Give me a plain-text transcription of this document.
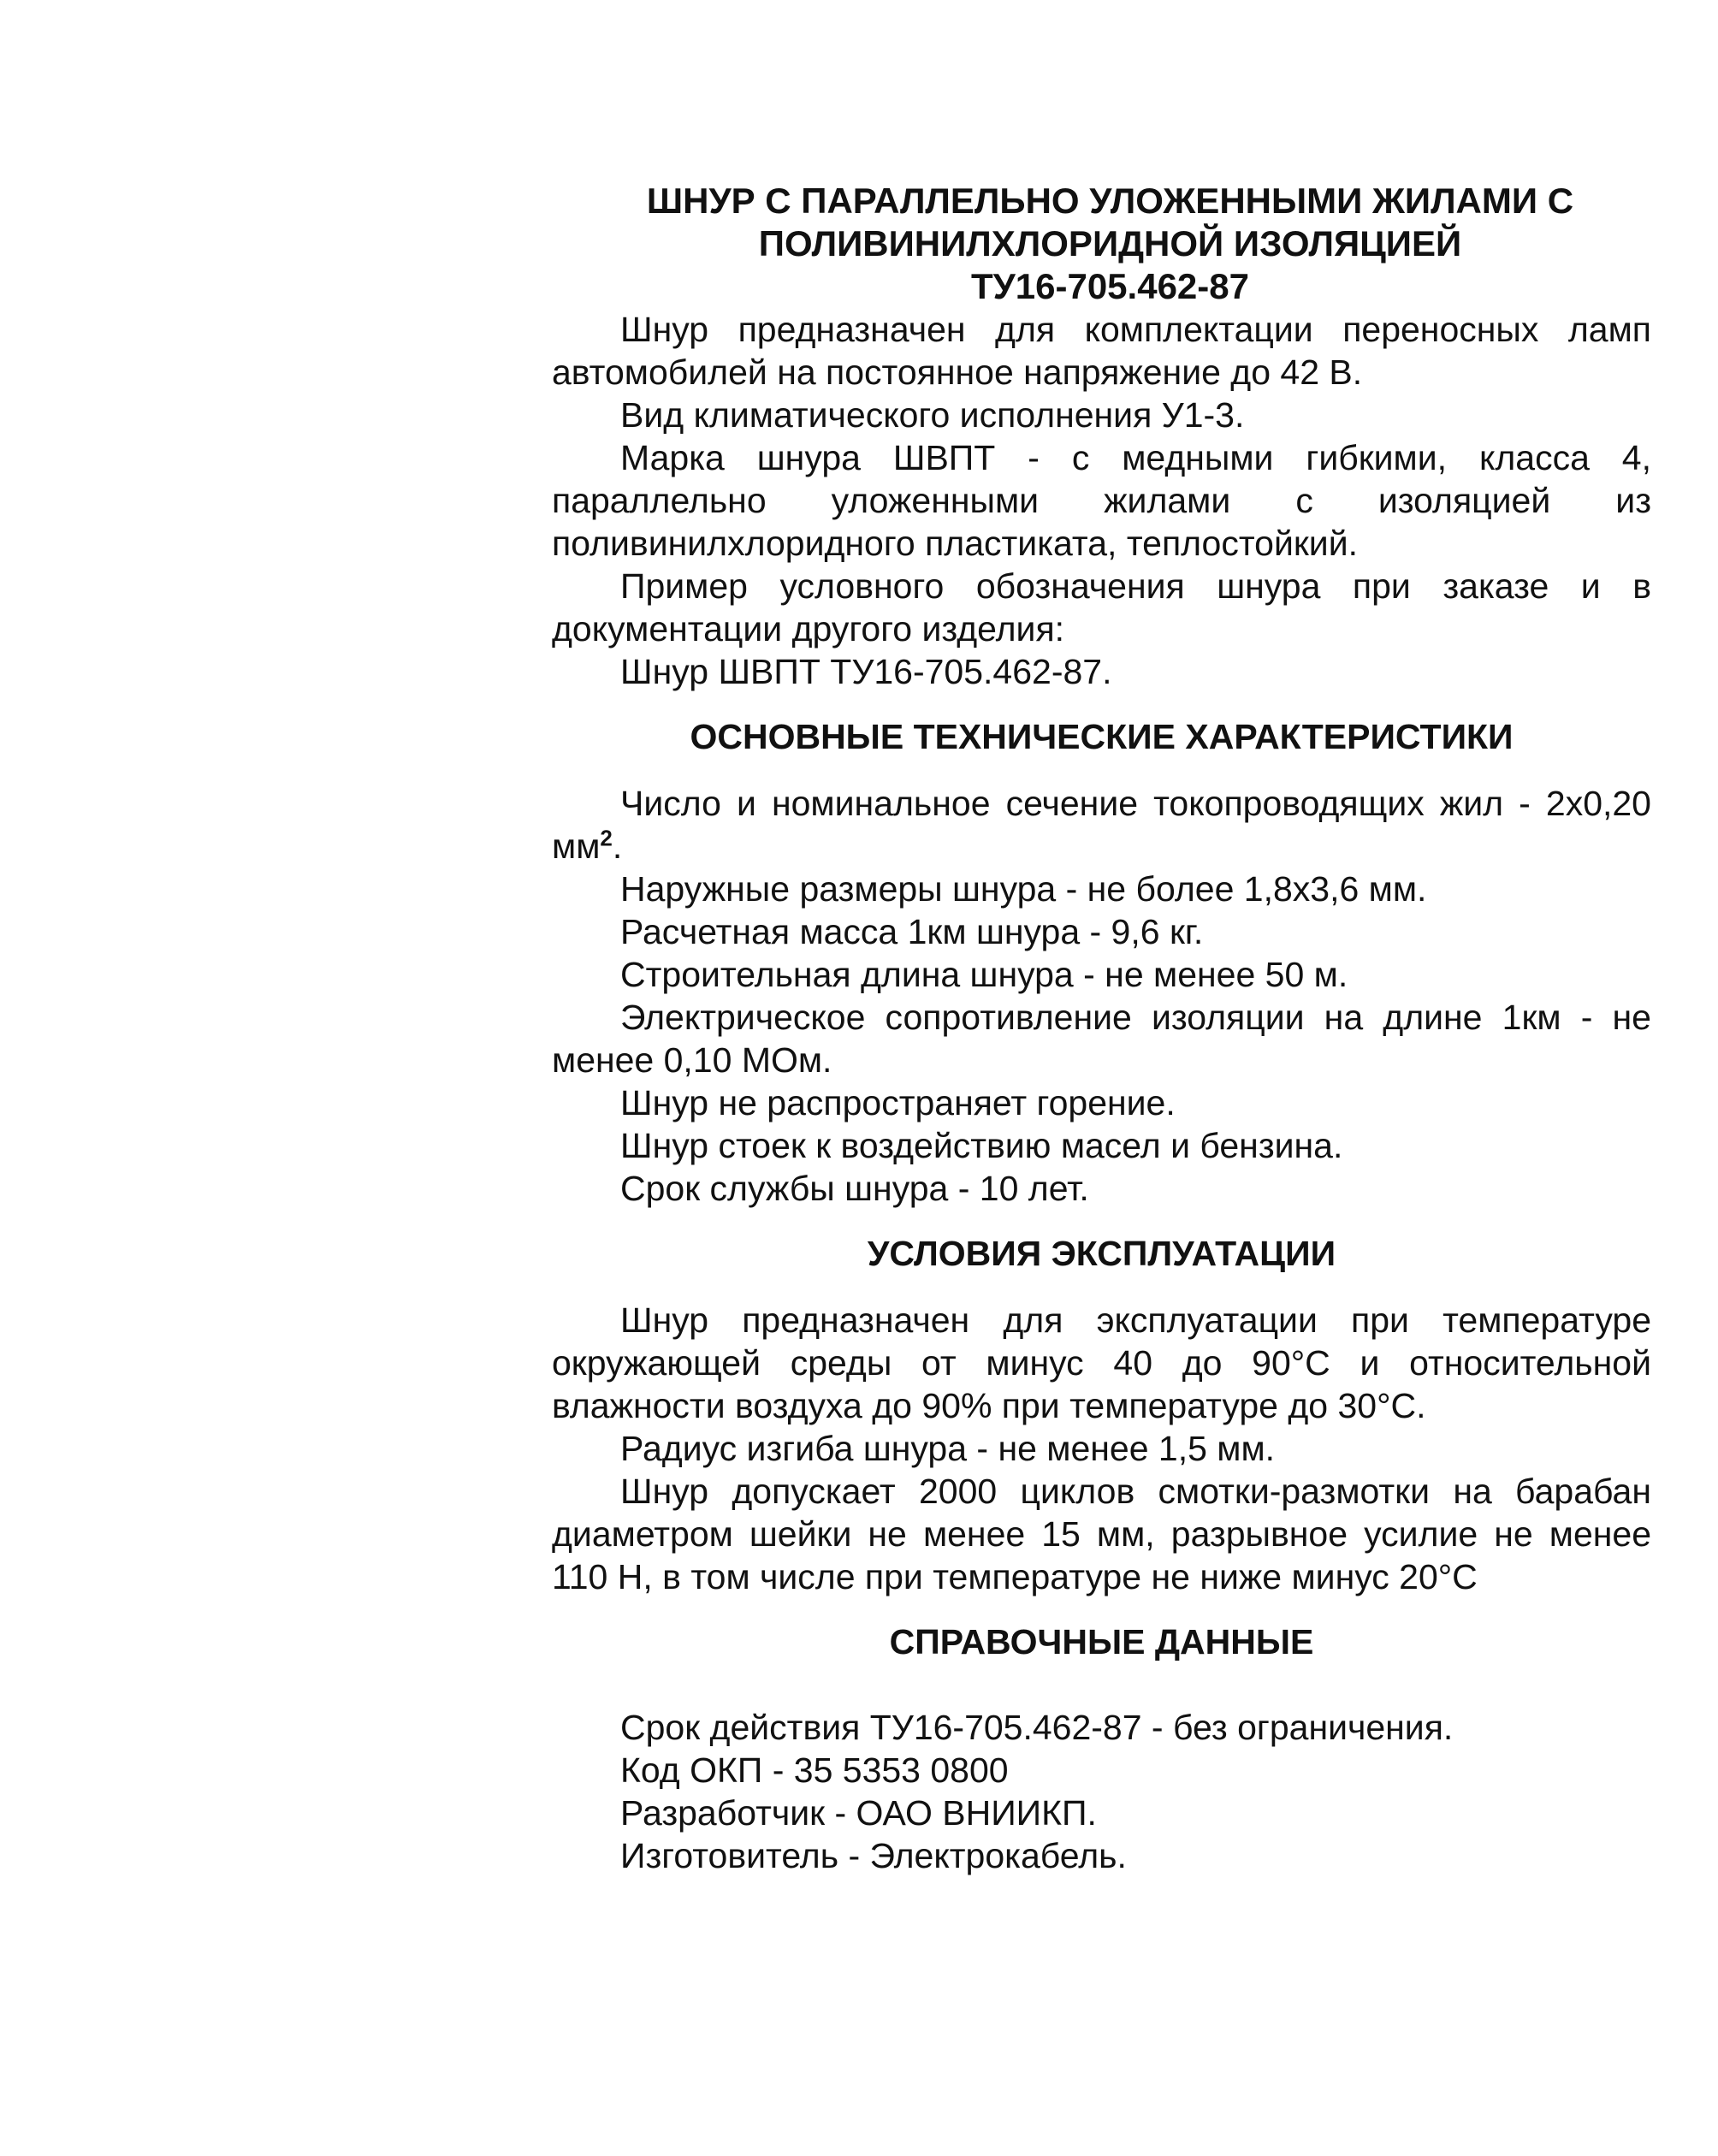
ШНУР С ПАРАЛЛЕЛЬНО УЛОЖЕННЫМИ ЖИЛАМИ С
ПОЛИВИНИЛХЛОРИДНОЙ ИЗОЛЯЦИЕЙ
ТУ16-705.462-87

Шнур предназначен для комплектации переносных ламп автомобилей на постоянное напряжение до 42 В.

Вид климатического исполнения У1-3.

Марка шнура ШВПТ - с медными гибкими, класса 4, параллельно уложенными жилами с изоляцией из поливинилхлоридного пластиката, теплостойкий.

Пример условного обозначения шнура при заказе и в документации другого изделия:

Шнур ШВПТ ТУ16-705.462-87.

ОСНОВНЫЕ ТЕХНИЧЕСКИЕ ХАРАКТЕРИСТИКИ

Число и номинальное сечение токопроводящих жил - 2х0,20 $мм^2$.

Наружные размеры шнура - не более 1,8х3,6 мм.

Расчетная масса 1км шнура - 9,6 кг.

Строительная длина шнура - не менее 50 м.

Электрическое сопротивление изоляции на длине 1км - не менее 0,10 МОм.

Шнур не распространяет горение.

Шнур стоек к воздействию масел и бензина.

Срок службы шнура - 10 лет.

УСЛОВИЯ ЭКСПЛУАТАЦИИ

Шнур предназначен для эксплуатации при температуре окружающей среды от минус 40 до 90°С и относительной влажности воздуха до 90% при температуре до 30°С.

Радиус изгиба шнура - не менее 1,5 мм.

Шнур допускает 2000 циклов смотки-размотки на барабан диаметром шейки не менее 15 мм, разрывное усилие не менее 110 Н, в том числе при температуре не ниже минус 20°С

СПРАВОЧНЫЕ ДАННЫЕ

Срок действия ТУ16-705.462-87 - без ограничения.

Код ОКП - 35 5353 0800

Разработчик - ОАО ВНИИКП.

Изготовитель - Электрокабель.
